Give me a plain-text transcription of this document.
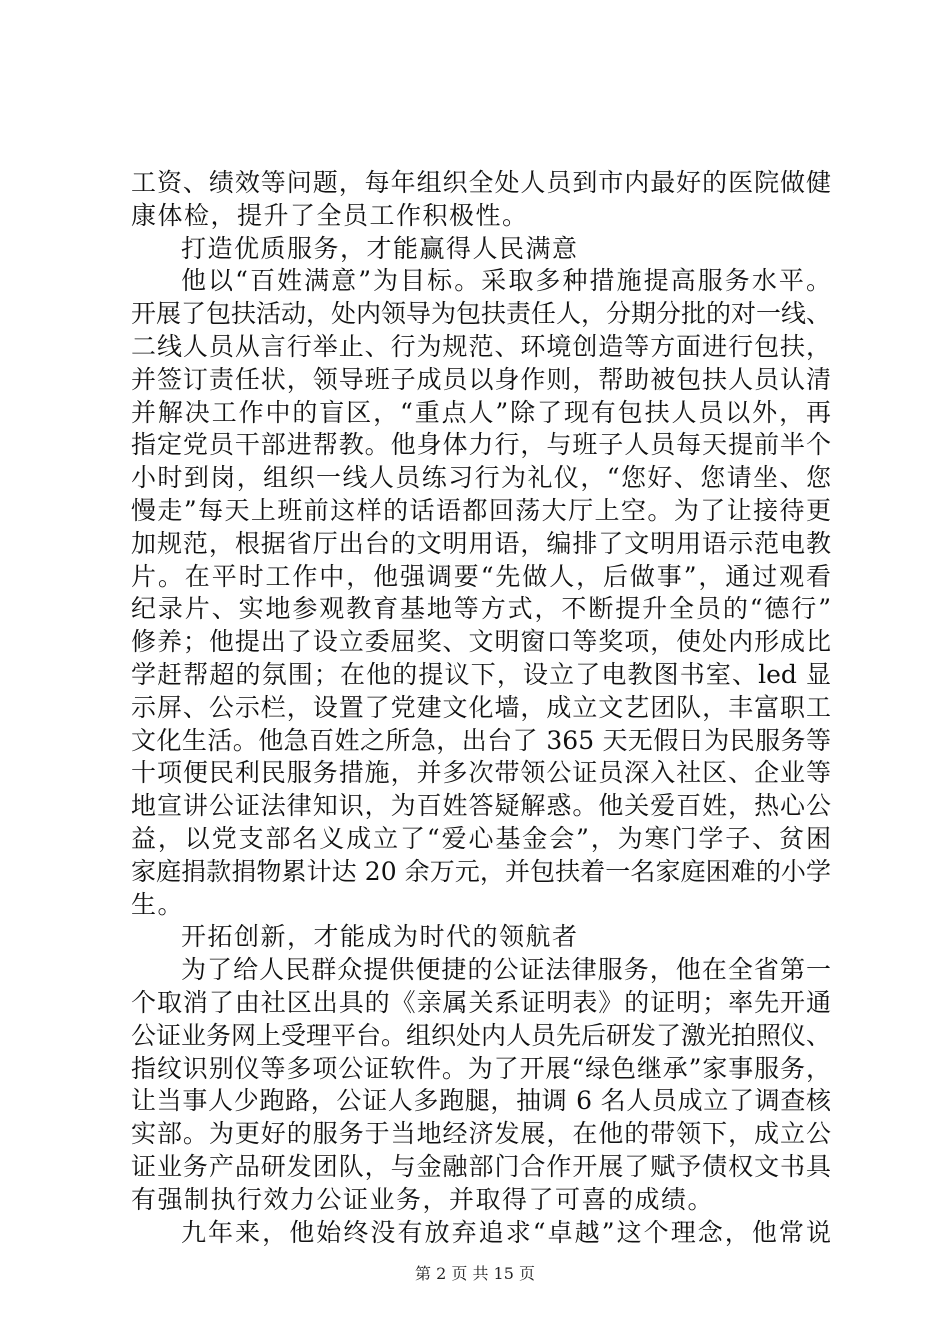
工资、绩效等问题，每年组织全处人员到市内最好的医院做健
康体检，提升了全员工作积极性。
打造优质服务，才能赢得人民满意
他以“百姓满意”为目标。采取多种措施提高服务水平。
开展了包扶活动，处内领导为包扶责任人，分期分批的对一线、
二线人员从言行举止、行为规范、环境创造等方面进行包扶，
并签订责任状，领导班子成员以身作则，帮助被包扶人员认清
并解决工作中的盲区，“重点人”除了现有包扶人员以外，再
指定党员干部进帮教。他身体力行，与班子人员每天提前半个
小时到岗，组织一线人员练习行为礼仪，“您好、您请坐、您
慢走”每天上班前这样的话语都回荡大厅上空。为了让接待更
加规范，根据省厅出台的文明用语，编排了文明用语示范电教
片。在平时工作中，他强调要“先做人，后做事”，通过观看
纪录片、实地参观教育基地等方式，不断提升全员的“德行”
修养；他提出了设立委屈奖、文明窗口等奖项，使处内形成比
学赶帮超的氛围；在他的提议下，设立了电教图书室、led 显
示屏、公示栏，设置了党建文化墙，成立文艺团队，丰富职工
文化生活。他急百姓之所急，出台了 365 天无假日为民服务等
十项便民利民服务措施，并多次带领公证员深入社区、企业等
地宣讲公证法律知识，为百姓答疑解惑。他关爱百姓，热心公
益，以党支部名义成立了“爱心基金会”，为寒门学子、贫困
家庭捐款捐物累计达 20 余万元，并包扶着一名家庭困难的小学
生。
开拓创新，才能成为时代的领航者
为了给人民群众提供便捷的公证法律服务，他在全省第一
个取消了由社区出具的《亲属关系证明表》的证明；率先开通
公证业务网上受理平台。组织处内人员先后研发了激光拍照仪、
指纹识别仪等多项公证软件。为了开展“绿色继承”家事服务，
让当事人少跑路，公证人多跑腿，抽调 6 名人员成立了调查核
实部。为更好的服务于当地经济发展，在他的带领下，成立公
证业务产品研发团队，与金融部门合作开展了赋予债权文书具
有强制执行效力公证业务，并取得了可喜的成绩。
九年来，他始终没有放弃追求“卓越”这个理念，他常说
第 2 页 共 15 页
